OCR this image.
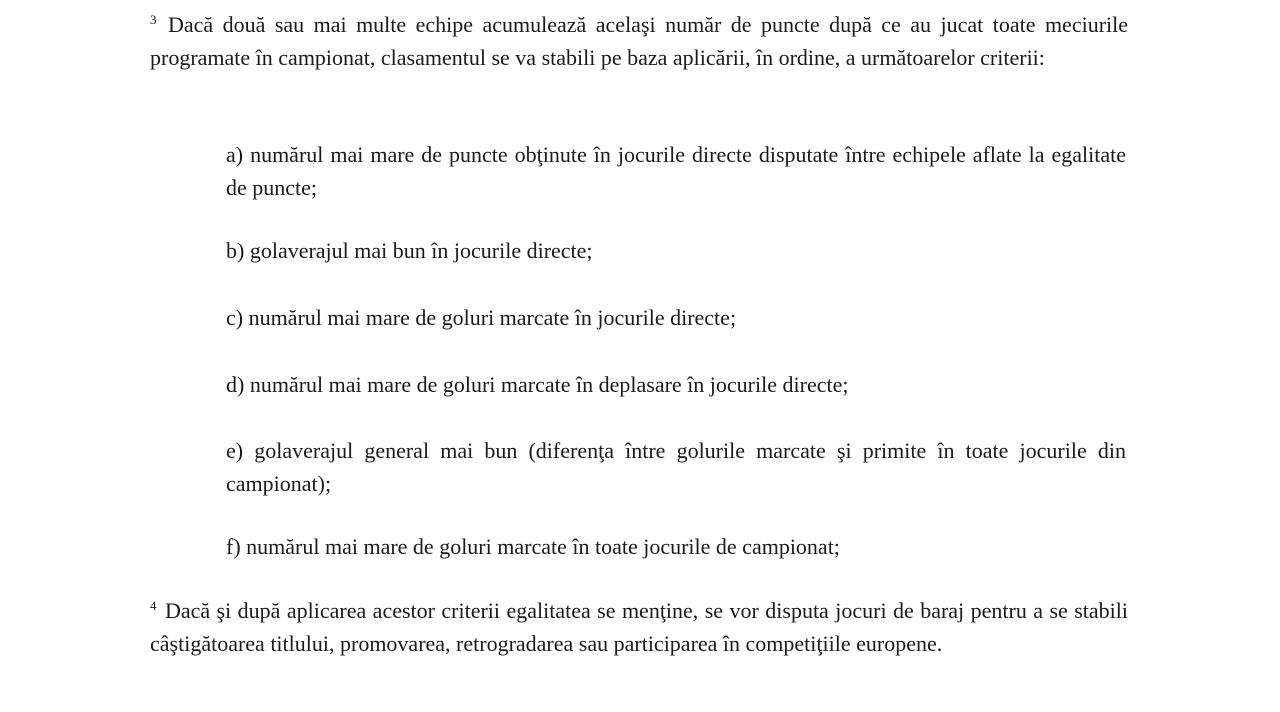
$^3$ Dacă două sau mai multe echipe acumulează acelaşi număr de puncte după ce au jucat toate meciurile programate în campionat, clasamentul se va stabili pe baza aplicării, în ordine, a următoarelor criterii:

a) numărul mai mare de puncte obţinute în jocurile directe disputate între echipele aflate la egalitate de puncte;

b) golaverajul mai bun în jocurile directe;

c) numărul mai mare de goluri marcate în jocurile directe;

d) numărul mai mare de goluri marcate în deplasare în jocurile directe;

e) golaverajul general mai bun (diferenţa între golurile marcate şi primite în toate jocurile din campionat);

f) numărul mai mare de goluri marcate în toate jocurile de campionat;

$^4$ Dacă şi după aplicarea acestor criterii egalitatea se menţine, se vor disputa jocuri de baraj pentru a se stabili câştigătoarea titlului, promovarea, retrogradarea sau participarea în competiţiile europene.
